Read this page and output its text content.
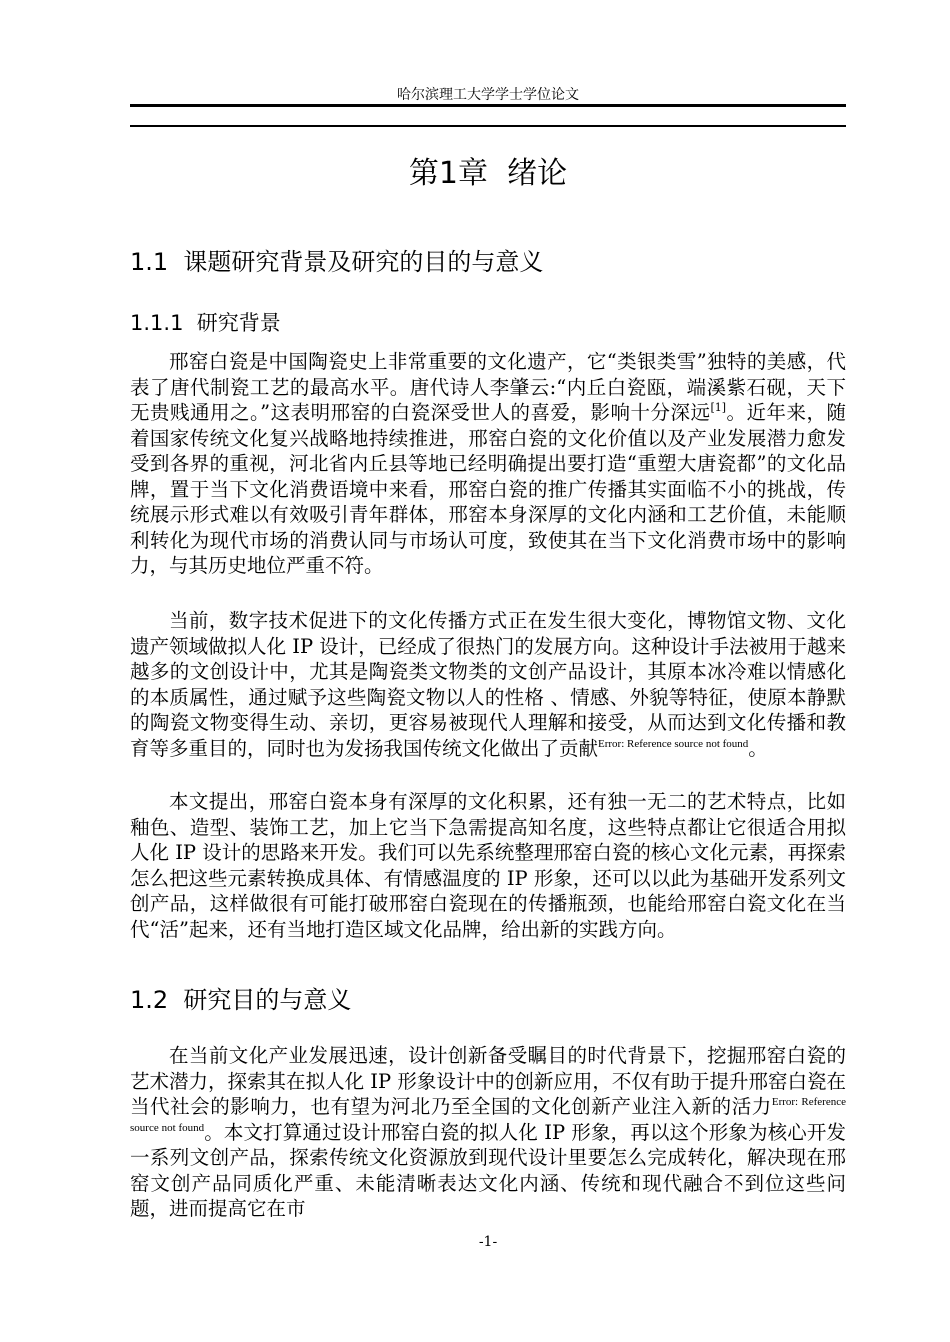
哈尔滨理工大学学士学位论文
第1章  绪论
1.1  课题研究背景及研究的目的与意义
1.1.1  研究背景

邢窑白瓷是中国陶瓷史上非常重要的文化遗产，它“类银类雪”独特的美感，代表了唐代制瓷工艺的最高水平。唐代诗人李肇云:“内丘白瓷瓯，端溪紫石砚，天下无贵贱通用之。”这表明邢窑的白瓷深受世人的喜爱，影响十分深远[1]。近年来，随着国家传统文化复兴战略地持续推进，邢窑白瓷的文化价值以及产业发展潜力愈发受到各界的重视，河北省内丘县等地已经明确提出要打造“重塑大唐瓷都”的文化品牌，置于当下文化消费语境中来看，邢窑白瓷的推广传播其实面临不小的挑战，传统展示形式难以有效吸引青年群体，邢窑本身深厚的文化内涵和工艺价值，未能顺利转化为现代市场的消费认同与市场认可度，致使其在当下文化消费市场中的影响力，与其历史地位严重不符。

当前，数字技术促进下的文化传播方式正在发生很大变化，博物馆文物、文化遗产领域做拟人化 IP 设计，已经成了很热门的发展方向。这种设计手法被用于越来越多的文创设计中，尤其是陶瓷类文物类的文创产品设计，其原本冰冷难以情感化的本质属性，通过赋予这些陶瓷文物以人的性格 、情感、外貌等特征，使原本静默的陶瓷文物变得生动、亲切，更容易被现代人理解和接受，从而达到文化传播和教育等多重目的，同时也为发扬我国传统文化做出了贡献$^{Error: Reference source not found}$。

本文提出，邢窑白瓷本身有深厚的文化积累，还有独一无二的艺术特点，比如釉色、造型、装饰工艺，加上它当下急需提高知名度，这些特点都让它很适合用拟人化 IP 设计的思路来开发。我们可以先系统整理邢窑白瓷的核心文化元素，再探索怎么把这些元素转换成具体、有情感温度的 IP 形象，还可以以此为基础开发系列文创产品，这样做很有可能打破邢窑白瓷现在的传播瓶颈，也能给邢窑白瓷文化在当代“活”起来，还有当地打造区域文化品牌，给出新的实践方向。

1.2  研究目的与意义

在当前文化产业发展迅速，设计创新备受瞩目的时代背景下，挖掘邢窑白瓷的艺术潜力，探索其在拟人化 IP 形象设计中的创新应用，不仅有助于提升邢窑白瓷在当代社会的影响力，也有望为河北乃至全国的文化创新产业注入新的活力$^{Error: Reference source not found}$。本文打算通过设计邢窑白瓷的拟人化 IP 形象，再以这个形象为核心开发一系列文创产品，探索传统文化资源放到现代设计里要怎么完成转化，解决现在邢窑文创产品同质化严重、未能清晰表达文化内涵、传统和现代融合不到位这些问题，进而提高它在市

-1-
